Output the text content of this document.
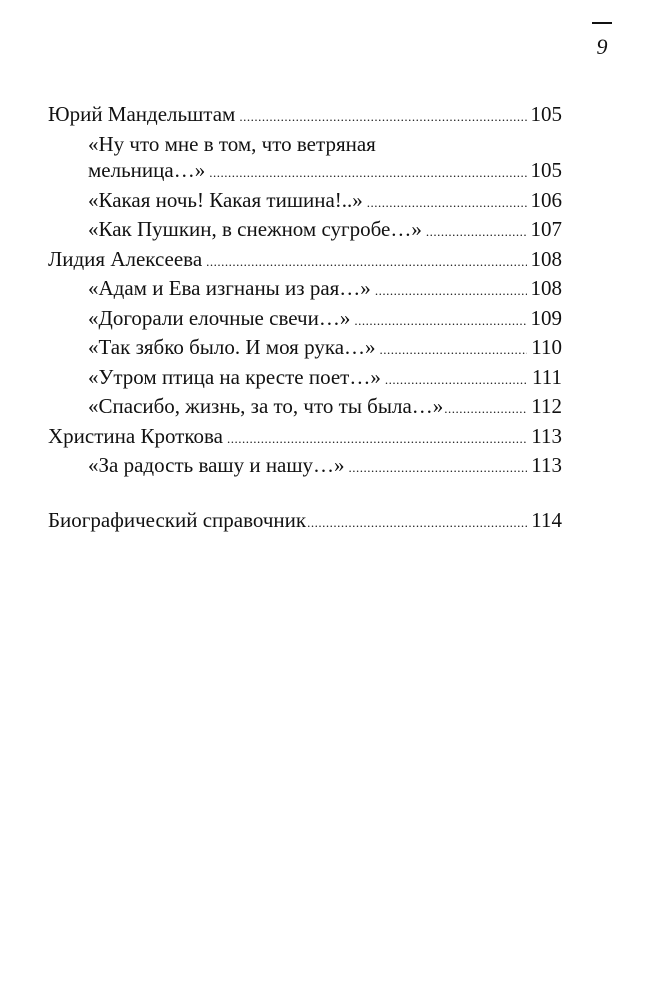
9
Юрий Мандельштам .....	105
«Ну что мне в том, что ветряная
мельница…» .....	105
«Какая ночь! Какая тишина!..» .....	106
«Как Пушкин, в снежном сугробе…» .....	107
Лидия Алексеева .....	108
«Адам и Ева изгнаны из рая…» .....	108
«Догорали елочные свечи…» .....	109
«Так зябко было. И моя рука…» .....	110
«Утром птица на кресте поет…» .....	111
«Спасибо, жизнь, за то, что ты была…» .....	112
Христина Кроткова .....	113
«За радость вашу и нашу…» .....	113
Биографический справочник .....	114
